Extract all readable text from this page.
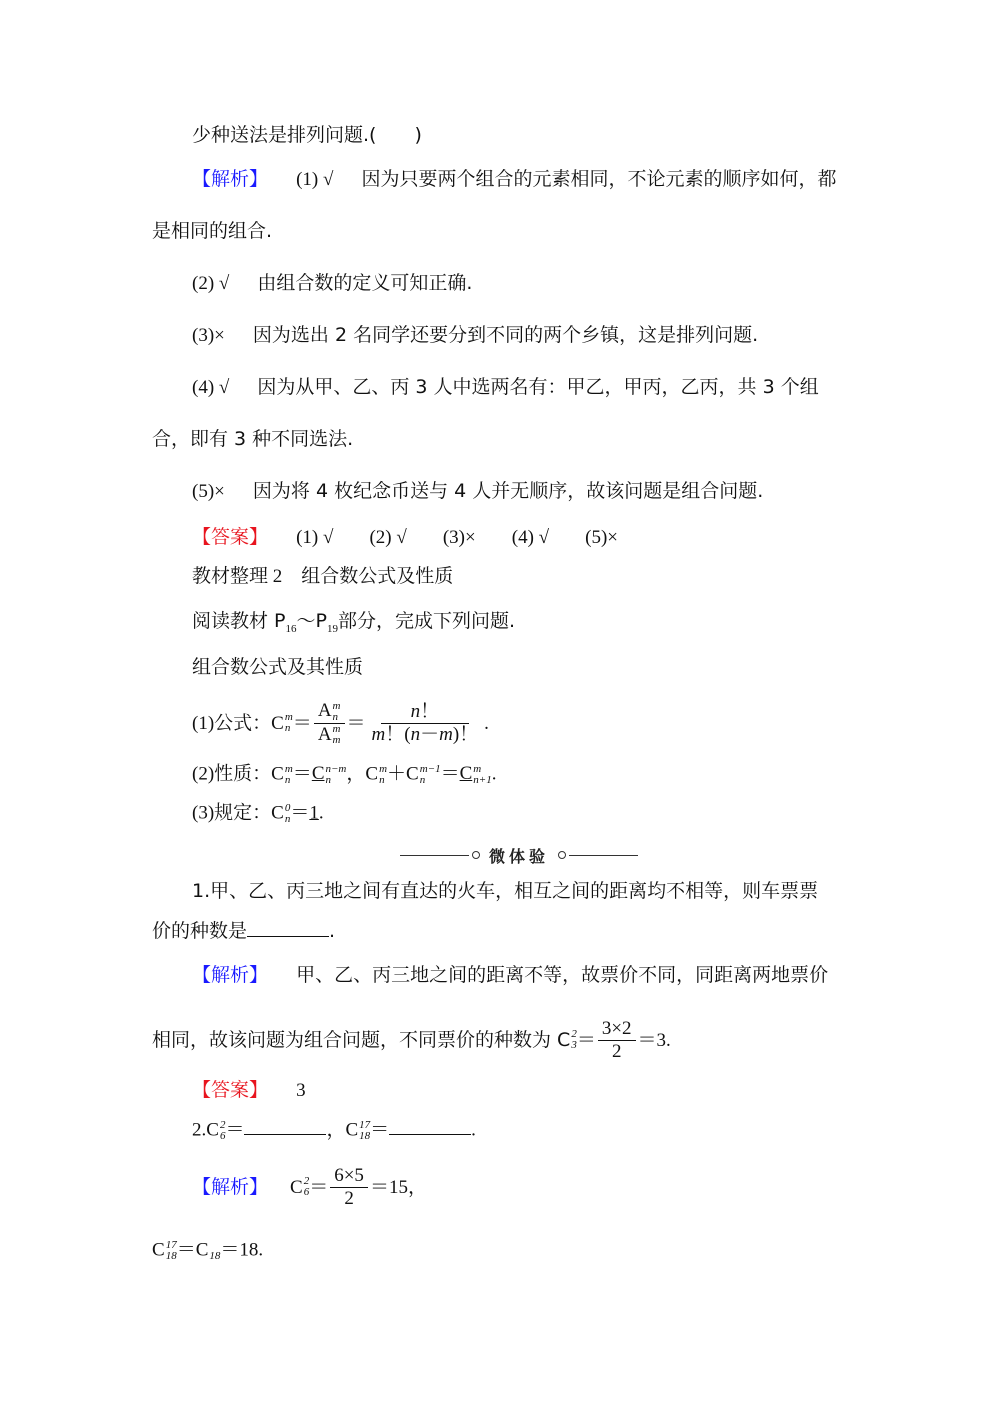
少种送法是排列问题.(　　)
【解析】 (1) √ 因为只要两个组合的元素相同，不论元素的顺序如何，都
是相同的组合.
(2) √ 由组合数的定义可知正确.
(3)× 因为选出 2 名同学还要分到不同的两个乡镇，这是排列问题.
(4) √ 因为从甲、乙、丙 3 人中选两名有：甲乙，甲丙，乙丙，共 3 个组
合，即有 3 种不同选法.
(5)× 因为将 4 枚纪念币送与 4 人并无顺序，故该问题是组合问题.
【答案】 (1) √ (2) √ (3)× (4) √ (5)×
教材整理 2　组合数公式及性质
阅读教材 $P_{16}\sim P_{19}$部分，完成下列问题.
组合数公式及其性质
(1)公式： C m
n ＝ A m
n
A m
$m = \frac{n!}{m!(n-m)!}$ .
(2)性质：C m
n ＝C n−m
n ，C m
n ＋C m−1
n ＝C m
n+1 .
(3)规定：C 0
n ＝1.
微体验
1.甲、乙、丙三地之间有直达的火车，相互之间的距离均不相等，则车票票
价的种数是	.
【解析】 甲、乙、丙三地之间的距离不等，故票价不同，同距离两地票价
相同，故该问题为组合问题，不同票价的种数为 C 2
$3 = \frac{3\times 2}{2} =3$.
【答案】 3
2.C 2
6 ＝	，C 17
18 ＝	.
【解析】 C 2
$6 = \frac{6\times 5}{2} = 15$ ，
C 17
18 ＝C
18 ＝18.
